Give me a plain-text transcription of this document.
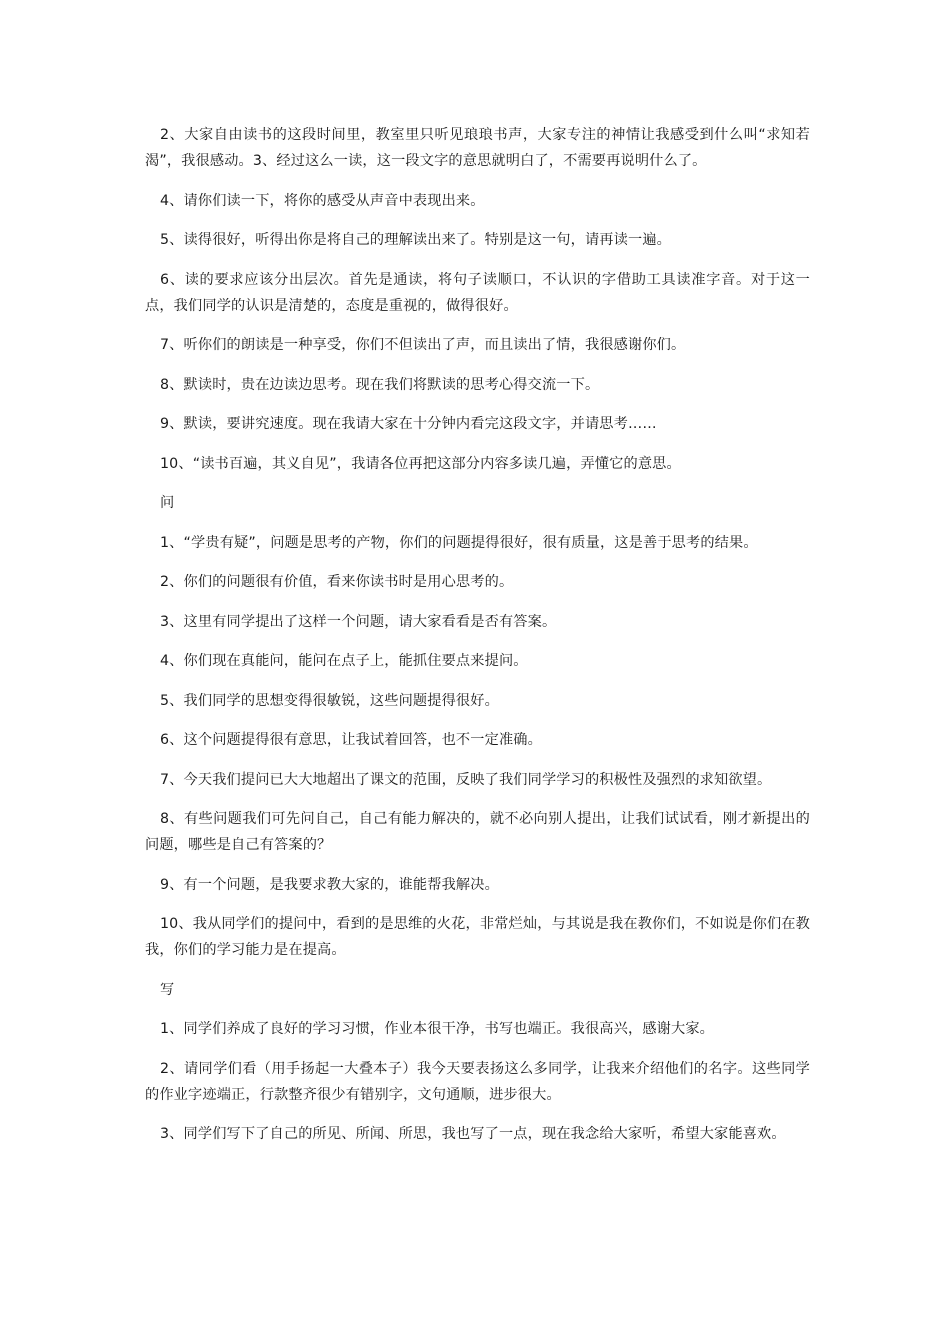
2、大家自由读书的这段时间里，教室里只听见琅琅书声，大家专注的神情让我感受到什么叫“求知若渴”，我很感动。3、经过这么一读，这一段文字的意思就明白了，不需要再说明什么了。

4、请你们读一下，将你的感受从声音中表现出来。

5、读得很好，听得出你是将自己的理解读出来了。特别是这一句，请再读一遍。

6、读的要求应该分出层次。首先是通读，将句子读顺口，不认识的字借助工具读准字音。对于这一点，我们同学的认识是清楚的，态度是重视的，做得很好。

7、听你们的朗读是一种享受，你们不但读出了声，而且读出了情，我很感谢你们。

8、默读时，贵在边读边思考。现在我们将默读的思考心得交流一下。

9、默读，要讲究速度。现在我请大家在十分钟内看完这段文字，并请思考……

10、“读书百遍，其义自见”，我请各位再把这部分内容多读几遍，弄懂它的意思。

问

1、“学贵有疑”，问题是思考的产物，你们的问题提得很好，很有质量，这是善于思考的结果。

2、你们的问题很有价值，看来你读书时是用心思考的。

3、这里有同学提出了这样一个问题，请大家看看是否有答案。

4、你们现在真能问，能问在点子上，能抓住要点来提问。

5、我们同学的思想变得很敏锐，这些问题提得很好。

6、这个问题提得很有意思，让我试着回答，也不一定准确。

7、今天我们提问已大大地超出了课文的范围，反映了我们同学学习的积极性及强烈的求知欲望。

8、有些问题我们可先问自己，自己有能力解决的，就不必向别人提出，让我们试试看，刚才新提出的问题，哪些是自己有答案的？

9、有一个问题，是我要求教大家的，谁能帮我解决。

10、我从同学们的提问中，看到的是思维的火花，非常烂灿，与其说是我在教你们，不如说是你们在教我，你们的学习能力是在提高。

写

1、同学们养成了良好的学习习惯，作业本很干净，书写也端正。我很高兴，感谢大家。

2、请同学们看（用手扬起一大叠本子）我今天要表扬这么多同学，让我来介绍他们的名字。这些同学的作业字迹端正，行款整齐很少有错别字，文句通顺，进步很大。

3、同学们写下了自己的所见、所闻、所思，我也写了一点，现在我念给大家听，希望大家能喜欢。
